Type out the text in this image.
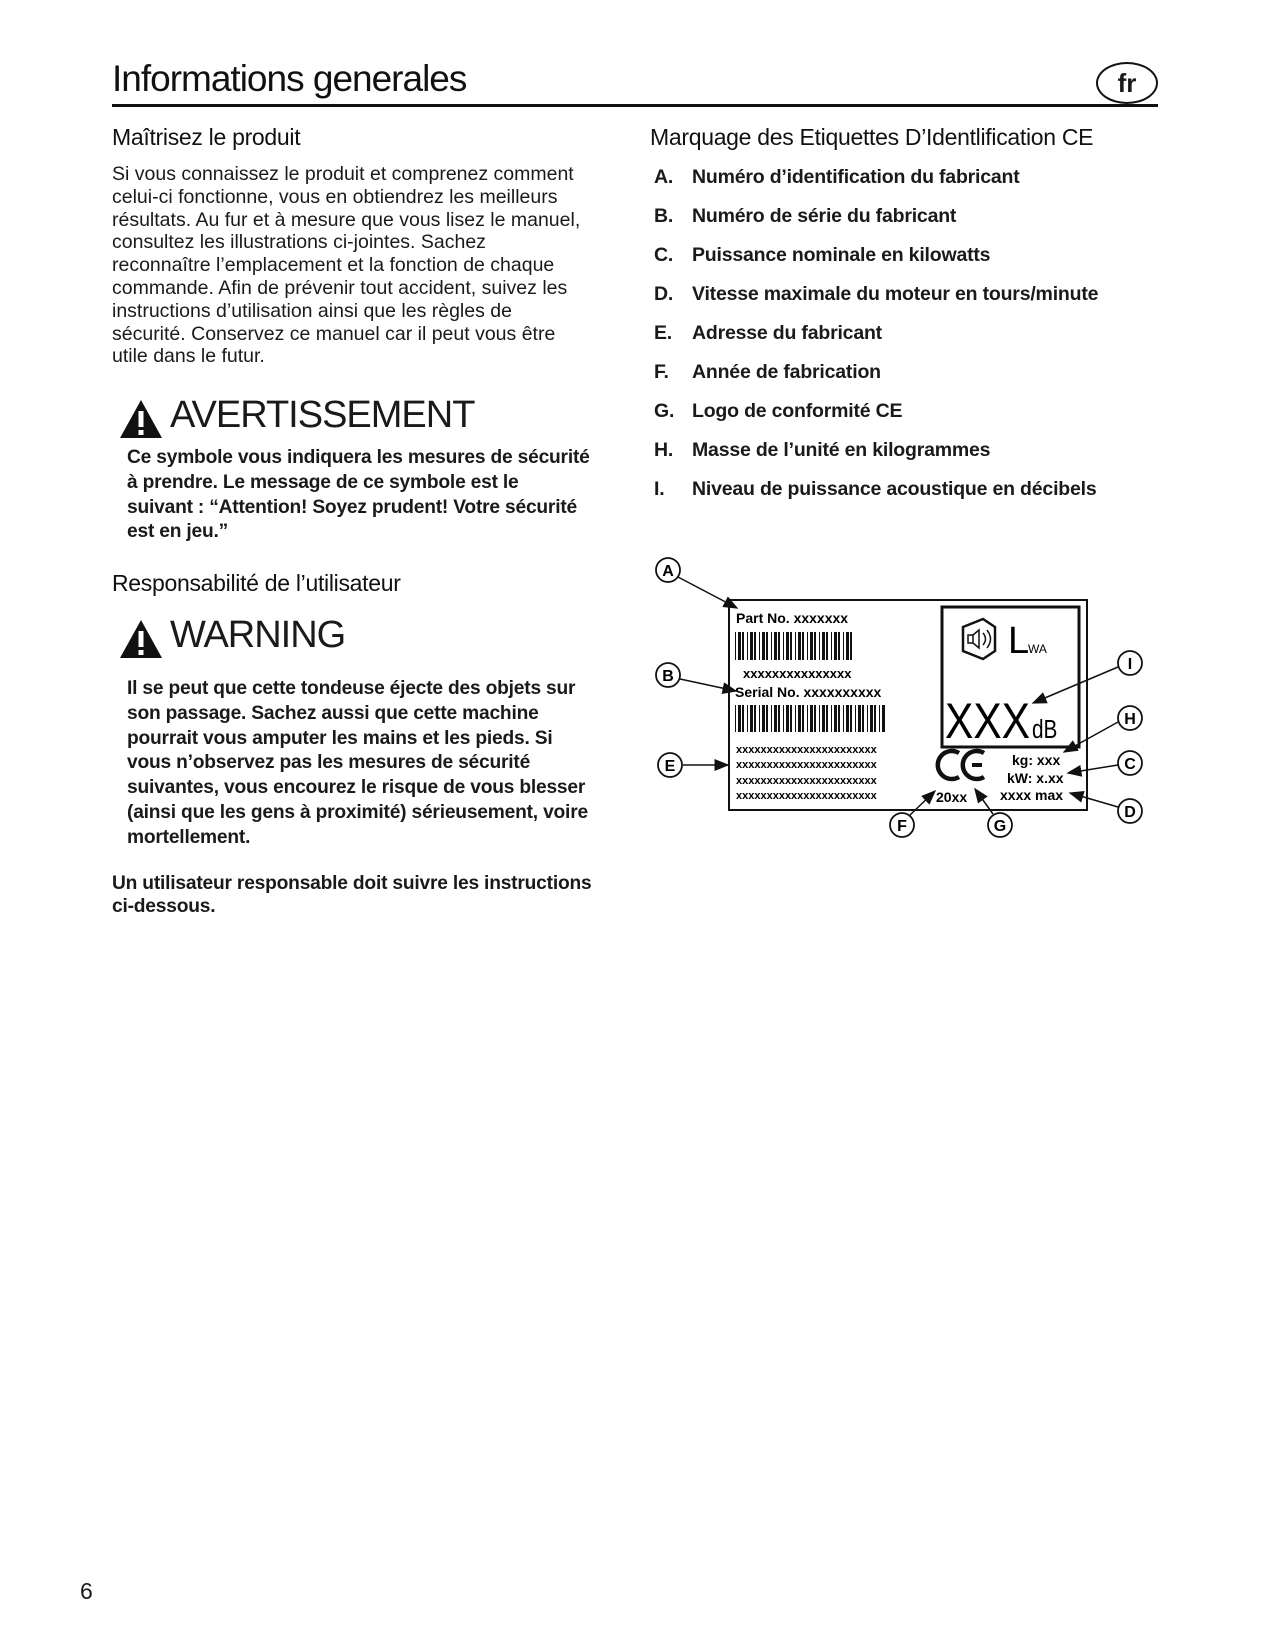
Informations generales	fr
Maîtrisez le produit
Si vous connaissez le produit et comprenez comment
celui-ci fonctionne, vous en obtiendrez les meilleurs
résultats. Au fur et à mesure que vous lisez le manuel,
consultez les illustrations ci-jointes. Sachez
reconnaître l’emplacement et la fonction de chaque
commande. Afin de prévenir tout accident, suivez les
instructions d’utilisation ainsi que les règles de
sécurité. Conservez ce manuel car il peut vous être
utile dans le futur.
AVERTISSEMENT
Ce symbole vous indiquera les mesures de sécurité
à prendre. Le message de ce symbole est le
suivant : “Attention! Soyez prudent! Votre sécurité
est en jeu.”
Responsabilité de l’utilisateur
WARNING
Il se peut que cette tondeuse éjecte des objets sur
son passage. Sachez aussi que cette machine
pourrait vous amputer les mains et les pieds. Si
vous n’observez pas les mesures de sécurité
suivantes, vous encourez le risque de vous blesser
(ainsi que les gens à proximité) sérieusement, voire
mortellement.
Un utilisateur responsable doit suivre les instructions
ci-dessous.
Marquage des Etiquettes D’Identlification CE
A. Numéro d’identification du fabricant
B. Numéro de série du fabricant
C. Puissance nominale en kilowatts
D. Vitesse maximale du moteur en tours/minute
E. Adresse du fabricant
F. Année de fabrication
G. Logo de conformité CE
H. Masse de l’unité en kilogrammes
I. Niveau de puissance acoustique en décibels
Part No. xxxxxxx
xxxxxxxxxxxxxxx
Serial No. xxxxxxxxxx
xxxxxxxxxxxxxxxxxxxxxxx
xxxxxxxxxxxxxxxxxxxxxxx
xxxxxxxxxxxxxxxxxxxxxxx
xxxxxxxxxxxxxxxxxxxxxxx
L
WA
XXX dB
kg: xxx
kW: x.xx
20xx xxxx max
A
B
E
I
H
C
D
F	G
6
